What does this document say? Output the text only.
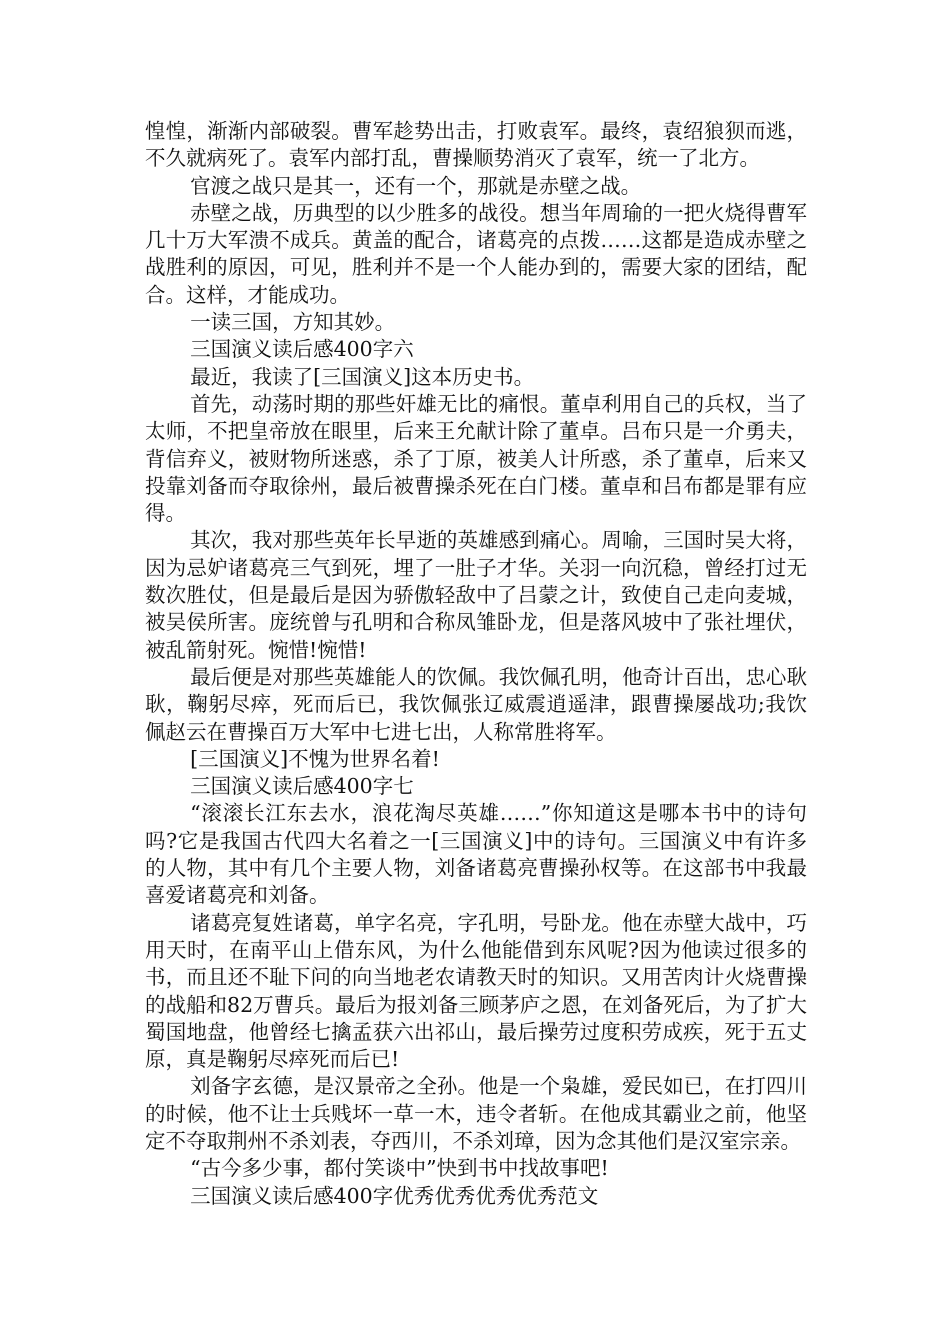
惶惶，渐渐内部破裂。曹军趁势出击，打败袁军。最终，袁绍狼狈而逃，不久就病死了。袁军内部打乱，曹操顺势消灭了袁军，统一了北方。

官渡之战只是其一，还有一个，那就是赤壁之战。

赤壁之战，历典型的以少胜多的战役。想当年周瑜的一把火烧得曹军几十万大军溃不成兵。黄盖的配合，诸葛亮的点拨……这都是造成赤壁之战胜利的原因，可见，胜利并不是一个人能办到的，需要大家的团结，配合。这样，才能成功。

一读三国，方知其妙。

三国演义读后感400字六

最近，我读了[三国演义]这本历史书。

首先，动荡时期的那些奸雄无比的痛恨。董卓利用自己的兵权，当了太师，不把皇帝放在眼里，后来王允献计除了董卓。吕布只是一介勇夫，背信弃义，被财物所迷惑，杀了丁原，被美人计所惑，杀了董卓，后来又投靠刘备而夺取徐州，最后被曹操杀死在白门楼。董卓和吕布都是罪有应得。

其次，我对那些英年长早逝的英雄感到痛心。周喻，三国时吴大将，因为忌妒诸葛亮三气到死，埋了一肚子才华。关羽一向沉稳，曾经打过无数次胜仗，但是最后是因为骄傲轻敌中了吕蒙之计，致使自己走向麦城，被吴侯所害。庞统曾与孔明和合称凤雏卧龙，但是落风坡中了张社埋伏，被乱箭射死。惋惜!惋惜!

最后便是对那些英雄能人的饮佩。我饮佩孔明，他奇计百出，忠心耿耿，鞠躬尽瘁，死而后已，我饮佩张辽威震逍遥津，跟曹操屡战功;我饮佩赵云在曹操百万大军中七进七出，人称常胜将军。

[三国演义]不愧为世界名着!

三国演义读后感400字七

“滚滚长江东去水，浪花淘尽英雄……”你知道这是哪本书中的诗句吗?它是我国古代四大名着之一[三国演义]中的诗句。三国演义中有许多的人物，其中有几个主要人物，刘备诸葛亮曹操孙权等。在这部书中我最喜爱诸葛亮和刘备。

诸葛亮复姓诸葛，单字名亮，字孔明，号卧龙。他在赤壁大战中，巧用天时，在南平山上借东风，为什么他能借到东风呢?因为他读过很多的书，而且还不耻下问的向当地老农请教天时的知识。又用苦肉计火烧曹操的战船和82万曹兵。最后为报刘备三顾茅庐之恩，在刘备死后，为了扩大蜀国地盘，他曾经七擒孟获六出祁山，最后操劳过度积劳成疾，死于五丈原，真是鞠躬尽瘁死而后已!

刘备字玄德，是汉景帝之全孙。他是一个枭雄，爱民如已，在打四川的时候，他不让士兵贱坏一草一木，违令者斩。在他成其霸业之前，他坚定不夺取荆州不杀刘表，夺西川，不杀刘璋，因为念其他们是汉室宗亲。

“古今多少事，都付笑谈中”快到书中找故事吧!

三国演义读后感400字优秀优秀优秀优秀范文
